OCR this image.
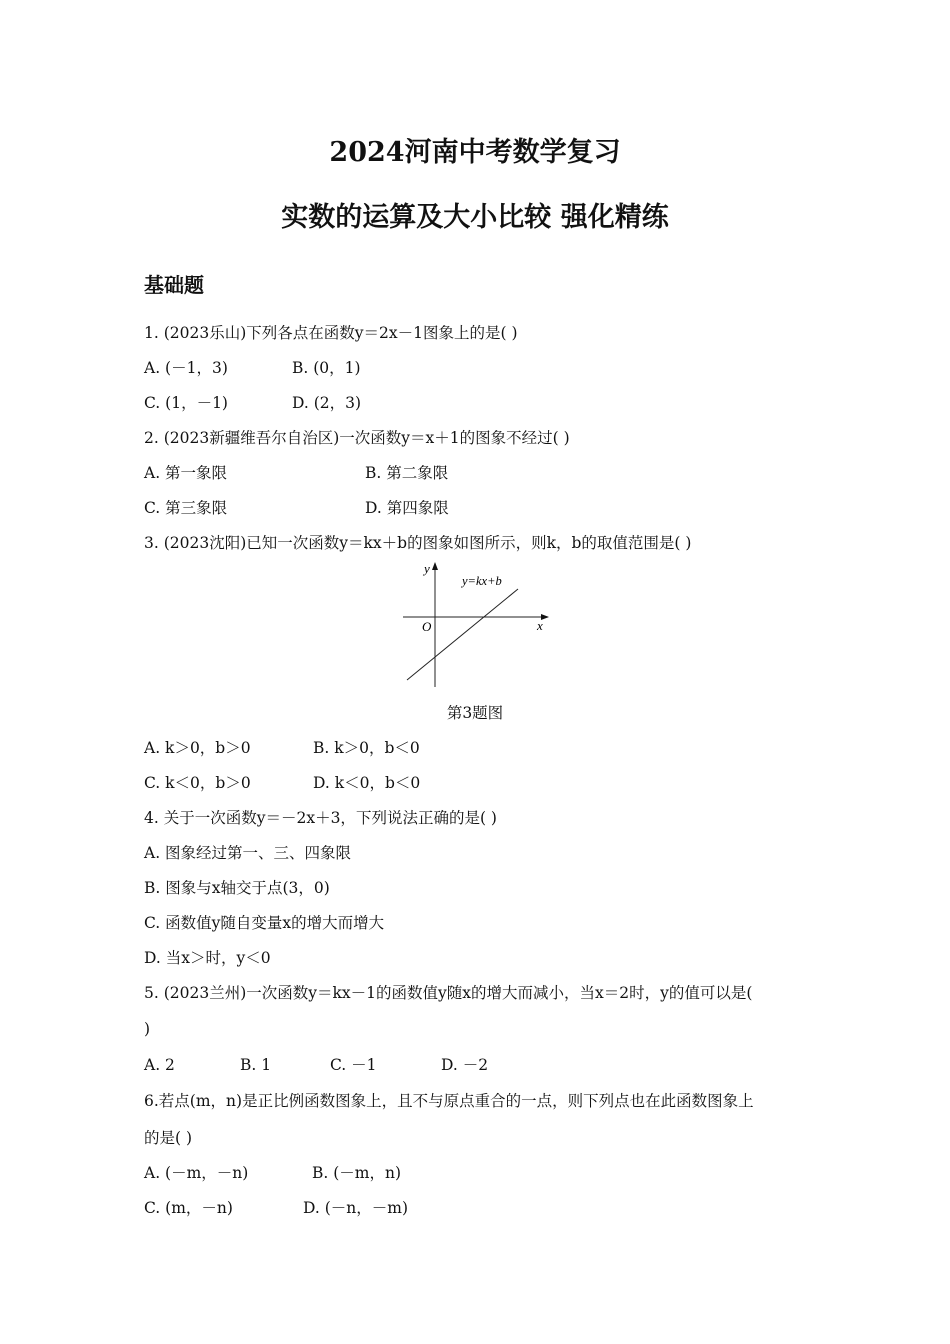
2024河南中考数学复习
实数的运算及大小比较 强化精练
基础题
1. (2023乐山)下列各点在函数y＝2x－1图象上的是( )
A. (－1，3)	B. (0，1)
C. (1，－1)	D. (2，3)
2. (2023新疆维吾尔自治区)一次函数y＝x＋1的图象不经过( )
A. 第一象限	B. 第二象限
C. 第三象限	D. 第四象限
3. (2023沈阳)已知一次函数y＝kx＋b的图象如图所示，则k，b的取值范围是( )
y
x
O
y=kx+b
第3题图
A. k＞0，b＞0	B. k＞0，b＜0
C. k＜0，b＞0	D. k＜0，b＜0
4. 关于一次函数y＝－2x＋3，下列说法正确的是( )
A. 图象经过第一、三、四象限
B. 图象与x轴交于点(3，0)
C. 函数值y随自变量x的增大而增大
D. 当x＞时，y＜0
5. (2023兰州)一次函数y＝kx－1的函数值y随x的增大而减小，当x＝2时，y的值可以是(
)
A. 2	B. 1	C. －1	D. －2
6.若点(m，n)是正比例函数图象上，且不与原点重合的一点，则下列点也在此函数图象上
的是( )
A. (－m，－n)	B. (－m，n)
C. (m，－n)	D. (－n，－m)
